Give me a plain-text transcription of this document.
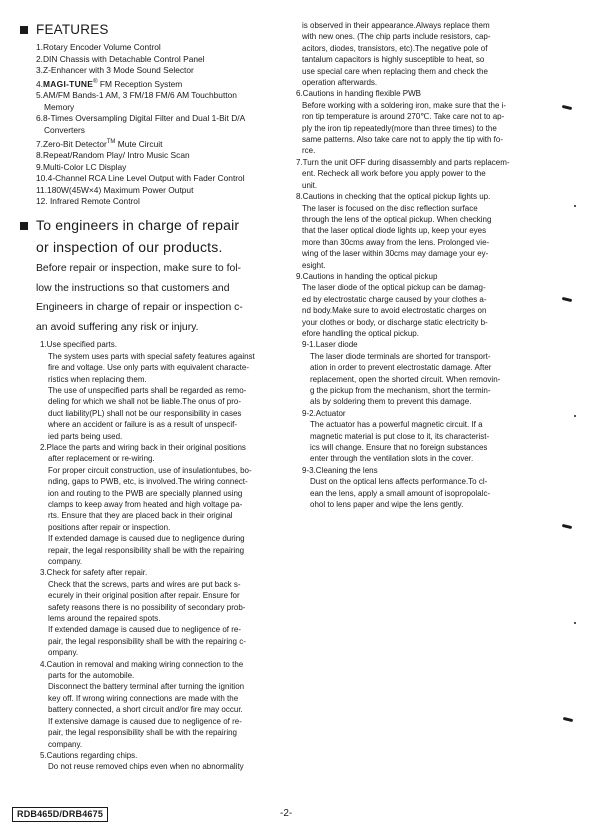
FEATURES
1.Rotary Encoder Volume Control
2.DIN Chassis with Detachable Control Panel
3.Z-Enhancer with 3 Mode Sound Selector
4.MAGI-TUNE® FM Reception System
5.AM/FM Bands-1 AM, 3 FM/18 FM/6 AM Touchbutton
Memory
6.8-Times Oversampling Digital Filter and Dual 1-Bit D/A
Converters
7.Zero-Bit Detector™ Mute Circuit
8.Repeat/Random Play/ Intro Music Scan
9.Multi-Color LC Display
10.4-Channel RCA Line Level Output with Fader Control
11.180W(45W×4) Maximum Power Output
12. Infrared Remote Control
To engineers in charge of repair
or inspection of our products.
Before repair or inspection, make sure to fol-
low the instructions so that customers and
Engineers in charge of repair or inspection c-
an avoid suffering any risk or injury.
1.Use specified parts.
The system uses parts with special safety features against
fire and voltage. Use only parts with equivalent characte-
ristics when replacing them.
The use of unspecified parts shall be regarded as remo-
deling for which we shall not be liable.The onus of pro-
duct liability(PL) shall not be our responsibility in cases
where an accident or failure is as a result of unspecif-
ied parts being used.
2.Place the parts and wiring back in their original positions
after replacement or re-wiring.
For proper circuit construction, use of insulationtubes, bo-
nding, gaps to PWB, etc, is involved.The wiring connect-
ion and routing to the PWB are specially planned using
clamps to keep away from heated and high voltage pa-
rts. Ensure that they are placed back in their original
positions after repair or inspection.
If extended damage is caused due to negligence during
repair, the legal responsibility shall be with the repairing
company.
3.Check for safety after repair.
Check that the screws, parts and wires are put back s-
ecurely in their original position after repair. Ensure for
safety reasons there is no possibility of secondary prob-
lems around the repaired spots.
If extended damage is caused due to negligence of re-
pair, the legal responsibility shall be with the repairing c-
ompany.
4.Caution in removal and making wiring connection to the
parts for the automobile.
Disconnect the battery terminal after turning the ignition
key off. If wrong wiring connections are made with the
battery connected, a short circuit and/or fire may occur.
If extensive damage is caused due to negligence of re-
pair, the legal responsibility shall be with the repairing
company.
5.Cautions regarding chips.
Do not reuse removed chips even when no abnormality
is observed in their appearance.Always replace them
with new ones. (The chip parts include resistors, cap-
acitors, diodes, transistors, etc).The negative pole of
tantalum capacitors is highly susceptible to heat, so
use special care when replacing them and check the
operation afterwards.
6.Cautions in handing flexible PWB
Before working with a soldering iron, make sure that the i-
ron tip temperature is around 270℃. Take care not to ap-
ply the iron tip repeatedly(more than three times) to the
same patterns. Also take care not to apply the tip with fo-
rce.
7.Turn the unit OFF during disassembly and parts replacem-
ent. Recheck all work before you apply power to the
unit.
8.Cautions in checking that the optical pickup lights up.
The laser is focused on the disc reflection surface
through the lens of the optical pickup. When checking
that the laser optical diode lights up, keep your eyes
more than 30cms away from the lens. Prolonged vie-
wing of the laser within 30cms may damage your ey-
esight.
9.Cautions in handing the optical pickup
The laser diode of the optical pickup can be damag-
ed by electrostatic charge caused by your clothes a-
nd body.Make sure to avoid electrostatic charges on
your clothes or body, or discharge static electricity b-
efore handling the optical pickup.
9-1.Laser diode
The laser diode terminals are shorted for transport-
ation in order to prevent electrostatic damage. After
replacement, open the shorted circuit. When removin-
g the pickup from the mechanism, short the termin-
als by soldering them to prevent this damage.
9-2.Actuator
The actuator has a powerful magnetic circuit. If a
magnetic material is put close to it, its characterist-
ics will change. Ensure that no foreign substances
enter through the ventilation slots in the cover.
9-3.Cleaning the lens
Dust on the optical lens affects performance.To cl-
ean the lens, apply a small amount of isopropolalc-
ohol to lens paper and wipe the lens gently.
RDB465D/DRB4675	-2-
